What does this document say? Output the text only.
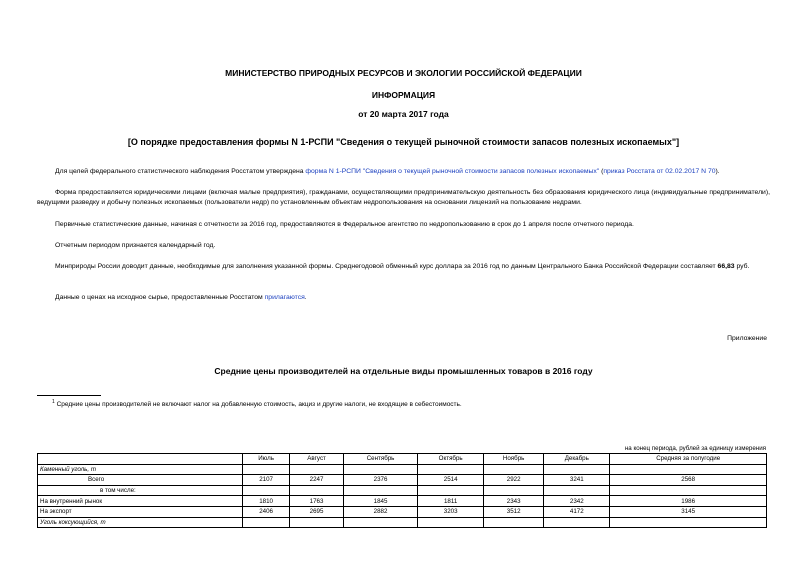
МИНИСТЕРСТВО ПРИРОДНЫХ РЕСУРСОВ И ЭКОЛОГИИ РОССИЙСКОЙ ФЕДЕРАЦИИ
ИНФОРМАЦИЯ
от 20 марта 2017 года
[О порядке предоставления формы N 1-РСПИ "Сведения о текущей рыночной стоимости запасов полезных ископаемых"]
Для целей федерального статистического наблюдения Росстатом утверждена форма N 1-РСПИ "Сведения о текущей рыночной стоимости запасов полезных ископаемых" (приказ Росстата от 02.02.2017 N 70).
Форма предоставляется юридическими лицами (включая малые предприятия), гражданами, осуществляющими предпринимательскую деятельность без образования юридического лица (индивидуальные предприниматели), ведущими разведку и добычу полезных ископаемых (пользователи недр) по установленным объектам недропользования на основании лицензий на пользование недрами.
Первичные статистические данные, начиная с отчетности за 2016 год, предоставляются в Федеральное агентство по недропользованию в срок до 1 апреля после отчетного периода.
Отчетным периодом признается календарный год.
Минприроды России доводит данные, необходимые для заполнения указанной формы. Среднегодовой обменный курс доллара за 2016 год по данным Центрального Банка Российской Федерации составляет 66,83 руб.
Данные о ценах на исходное сырье, предоставленные Росстатом прилагаются.
Приложение
Средние цены производителей на отдельные виды промышленных товаров в 2016 году
$^1$ Средние цены производителей не включают налог на добавленную стоимость, акциз и другие налоги, не входящие в себестоимость.
на конец периода, рублей за единицу измерения
	Июль	Август	Сентябрь	Октябрь	Ноябрь	Декабрь	Средняя за полугодие
Каменный уголь, т							
Всего	2107	2247	2376	2514	2922	3241	2568
в том числе:							
На внутренний рынок	1810	1763	1845	1811	2343	2342	1986
На экспорт	2406	2695	2882	3203	3512	4172	3145
Уголь коксующийся, т							
